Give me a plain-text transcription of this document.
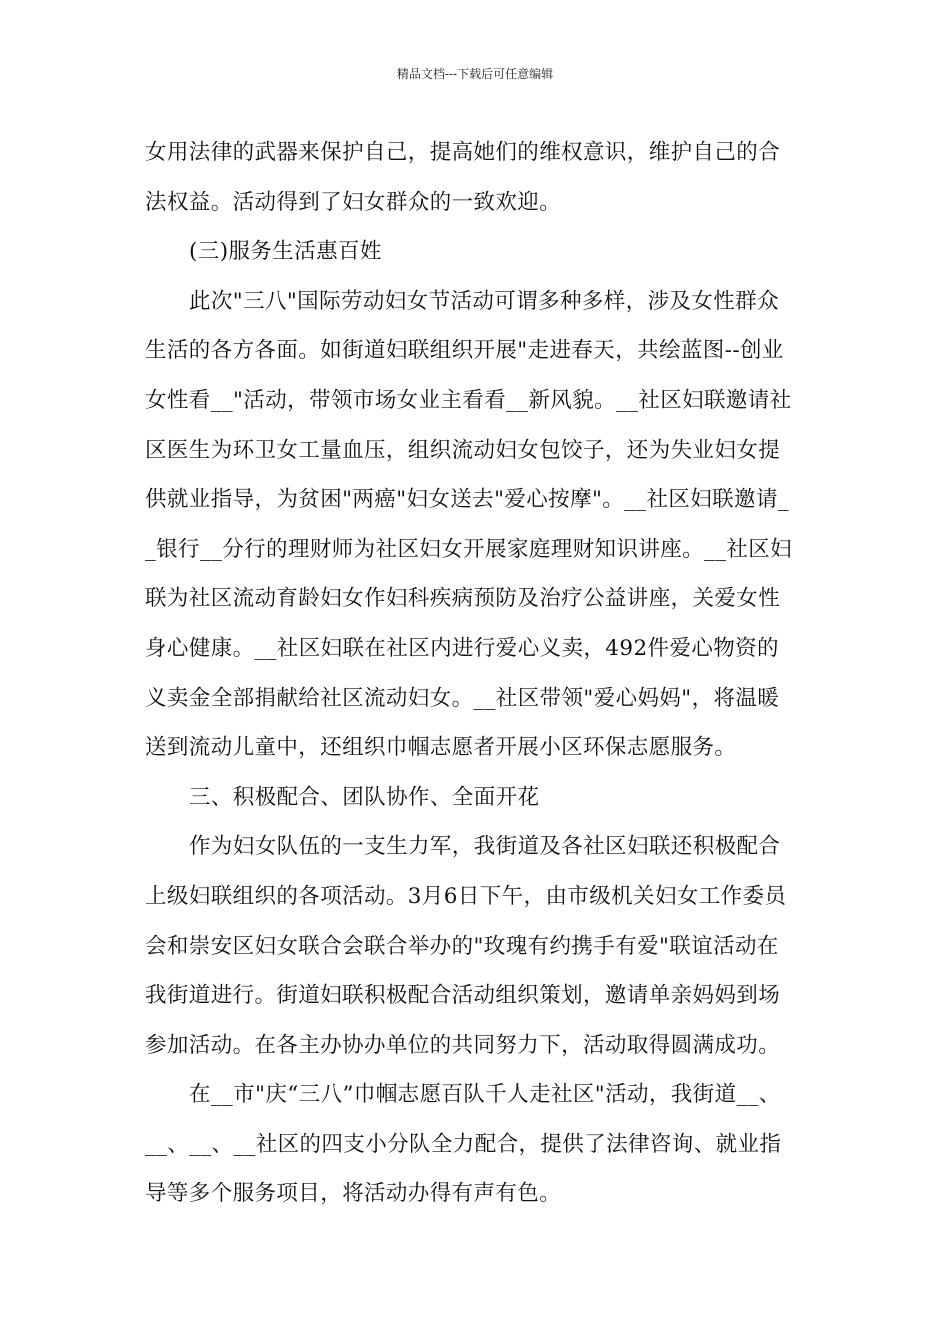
精品文档---下载后可任意编辑
女用法律的武器来保护自己，提高她们的维权意识，维护自己的合
法权益。活动得到了妇女群众的一致欢迎。
(三)服务生活惠百姓
此次"三八"国际劳动妇女节活动可谓多种多样，涉及女性群众
生活的各方各面。如街道妇联组织开展"走进春天，共绘蓝图--创业
女性看__"活动，带领市场女业主看看__新风貌。__社区妇联邀请社
区医生为环卫女工量血压，组织流动妇女包饺子，还为失业妇女提
供就业指导，为贫困"两癌"妇女送去"爱心按摩"。__社区妇联邀请_
_银行__分行的理财师为社区妇女开展家庭理财知识讲座。__社区妇
联为社区流动育龄妇女作妇科疾病预防及治疗公益讲座，关爱女性
身心健康。__社区妇联在社区内进行爱心义卖，492件爱心物资的
义卖金全部捐献给社区流动妇女。__社区带领"爱心妈妈"，将温暖
送到流动儿童中，还组织巾帼志愿者开展小区环保志愿服务。
三、积极配合、团队协作、全面开花
作为妇女队伍的一支生力军，我街道及各社区妇联还积极配合
上级妇联组织的各项活动。3月6日下午，由市级机关妇女工作委员
会和崇安区妇女联合会联合举办的"玫瑰有约携手有爱"联谊活动在
我街道进行。街道妇联积极配合活动组织策划，邀请单亲妈妈到场
参加活动。在各主办协办单位的共同努力下，活动取得圆满成功。
在__市"庆“三八”巾帼志愿百队千人走社区"活动，我街道__、
__、__、__社区的四支小分队全力配合，提供了法律咨询、就业指
导等多个服务项目，将活动办得有声有色。
